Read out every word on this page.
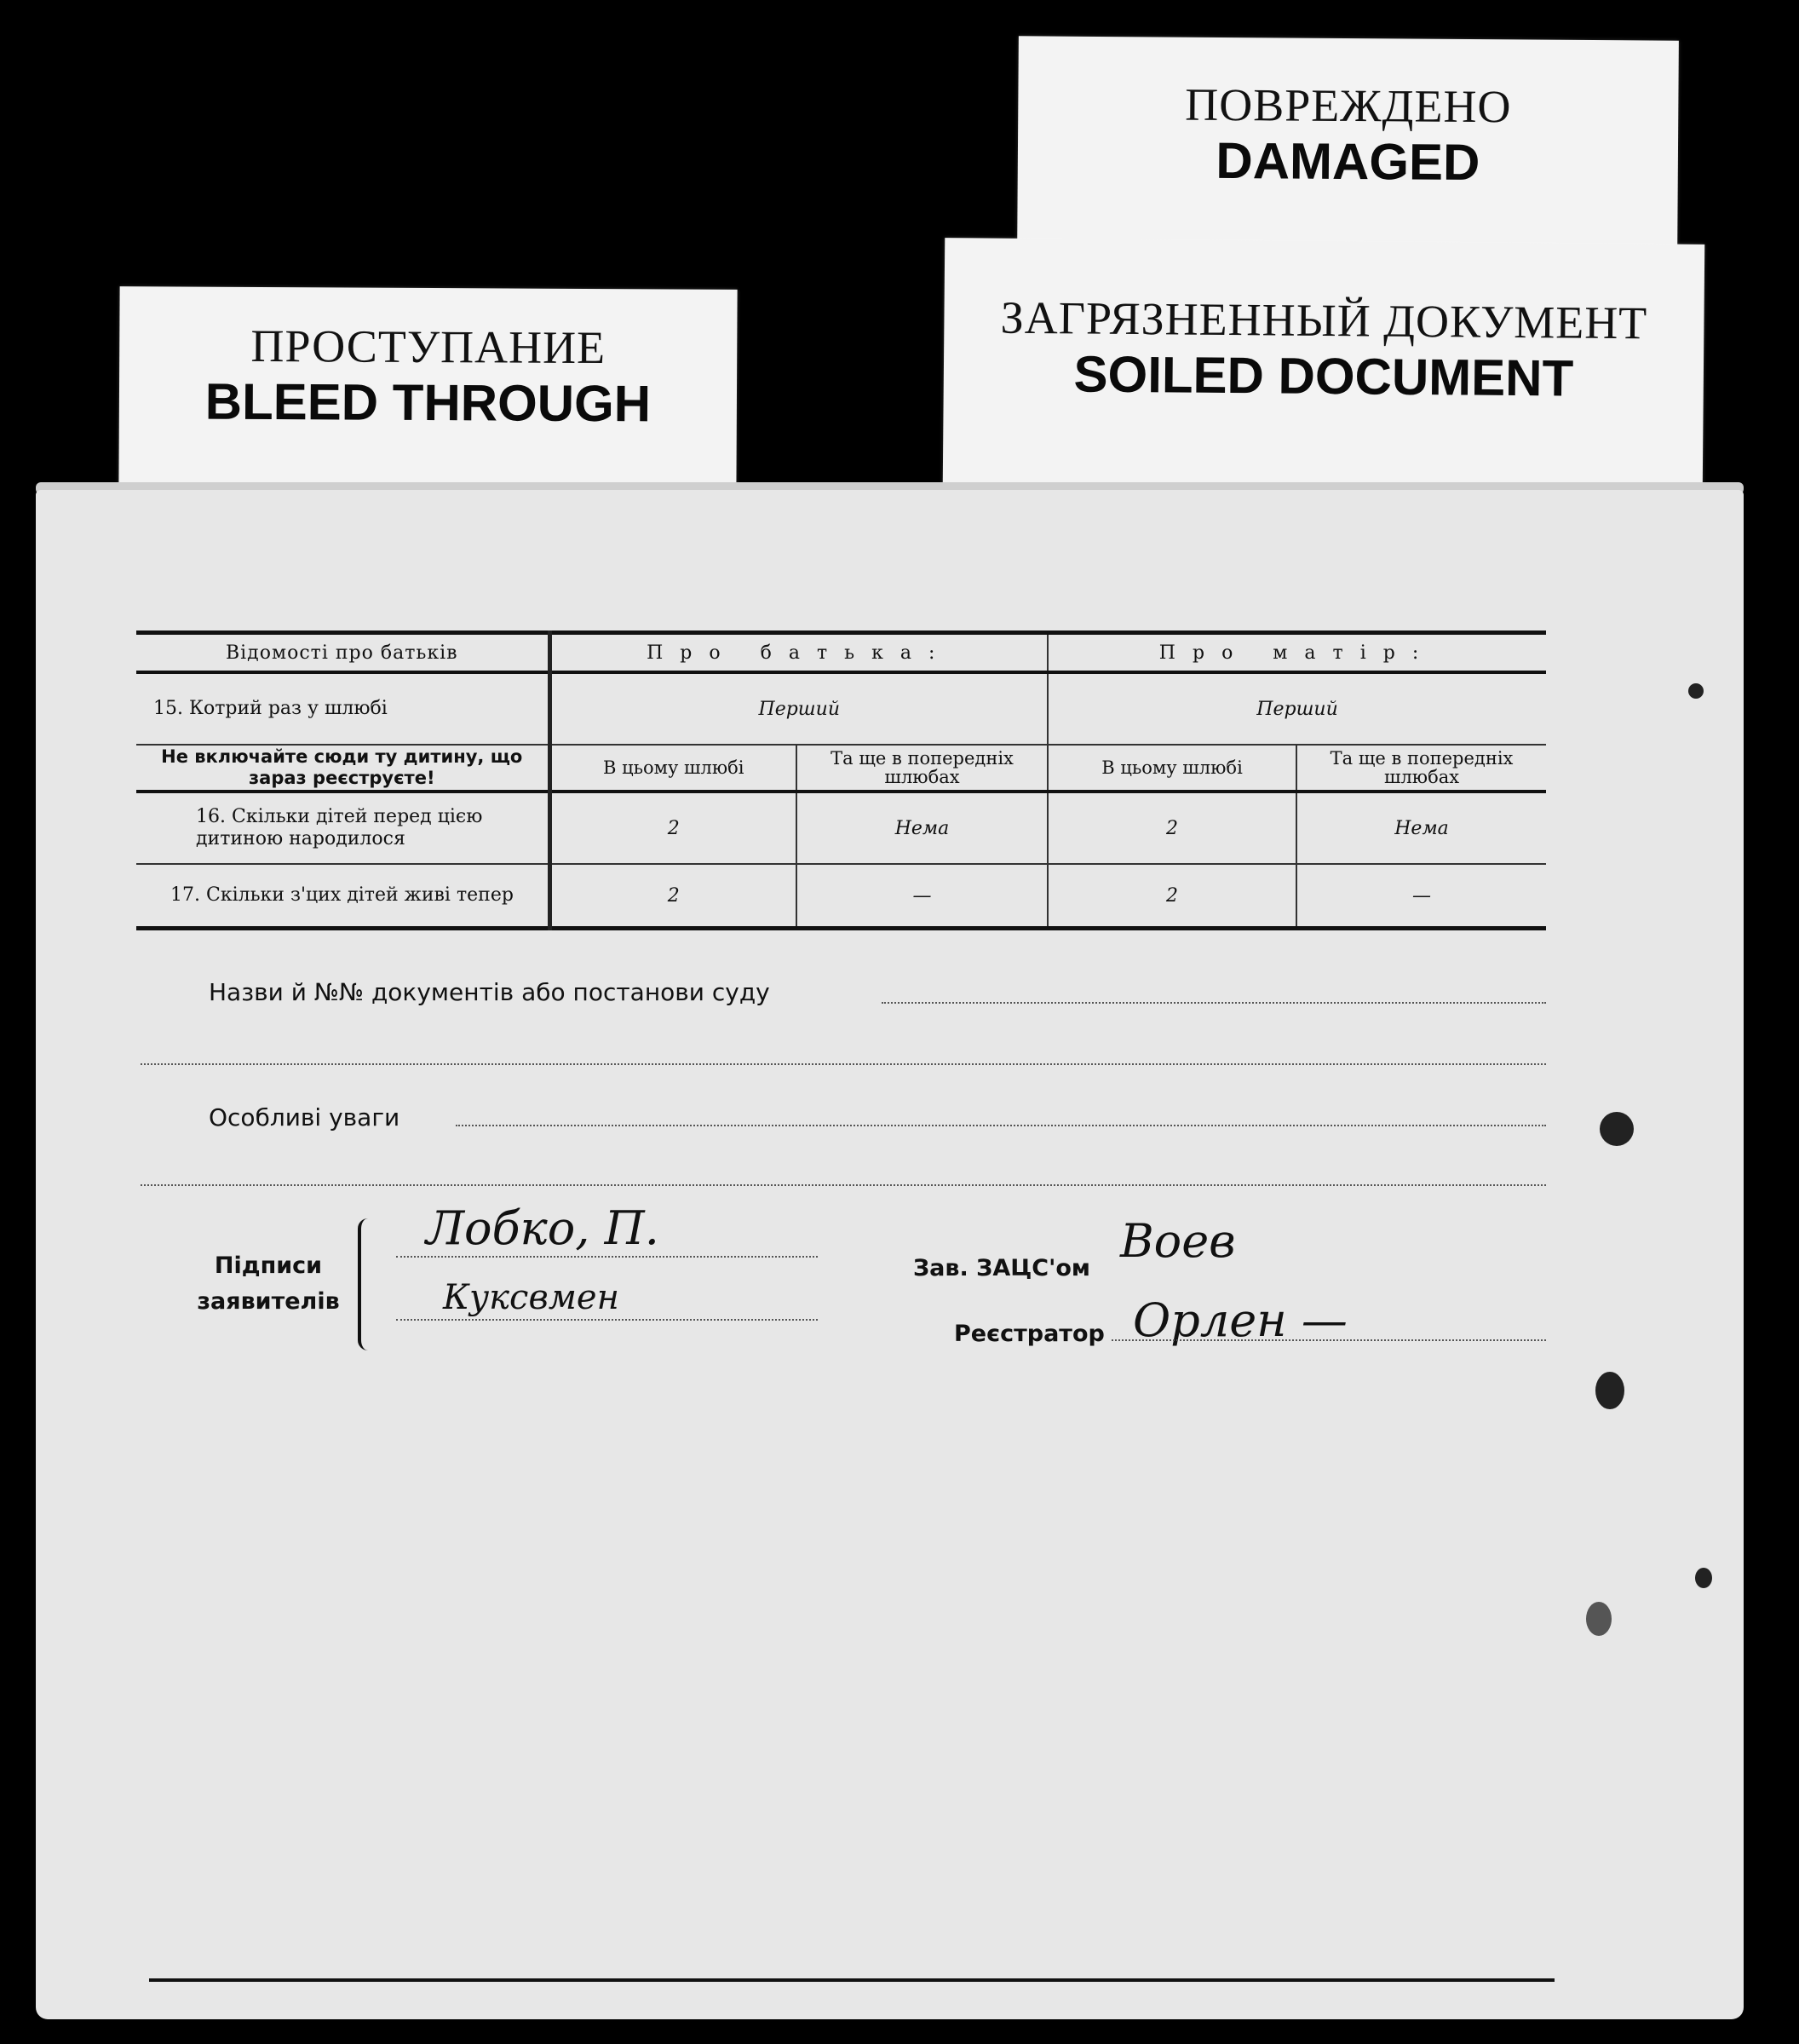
ПОВРЕЖДЕНО
DAMAGED
ЗАГРЯЗНЕННЫЙ ДОКУМЕНТ
SOILED DOCUMENT
ПРОСТУПАНИЕ
BLEED THROUGH
Відомості про батьків	Про батька:		Про матір:	
15. Котрий раз у шлюбі	Перший		Перший	
Не включайте сюди ту дитину, що зараз реєструєте!	В цьому шлюбі	Та ще в попередніх шлюбах	В цьому шлюбі	Та ще в попередніх шлюбах
16. Скільки дітей перед цією дитиною народилося	2	Нема	2	Нема
17. Скільки з'цих дітей живі тепер	2	—	2	—
Назви й №№ документів або постанови суду
Особливі уваги
Підписи заявителів
Лобко, П.
Куксвмен
Зав. ЗАЦС'ом
Воев
Реєстратор Орлен —
